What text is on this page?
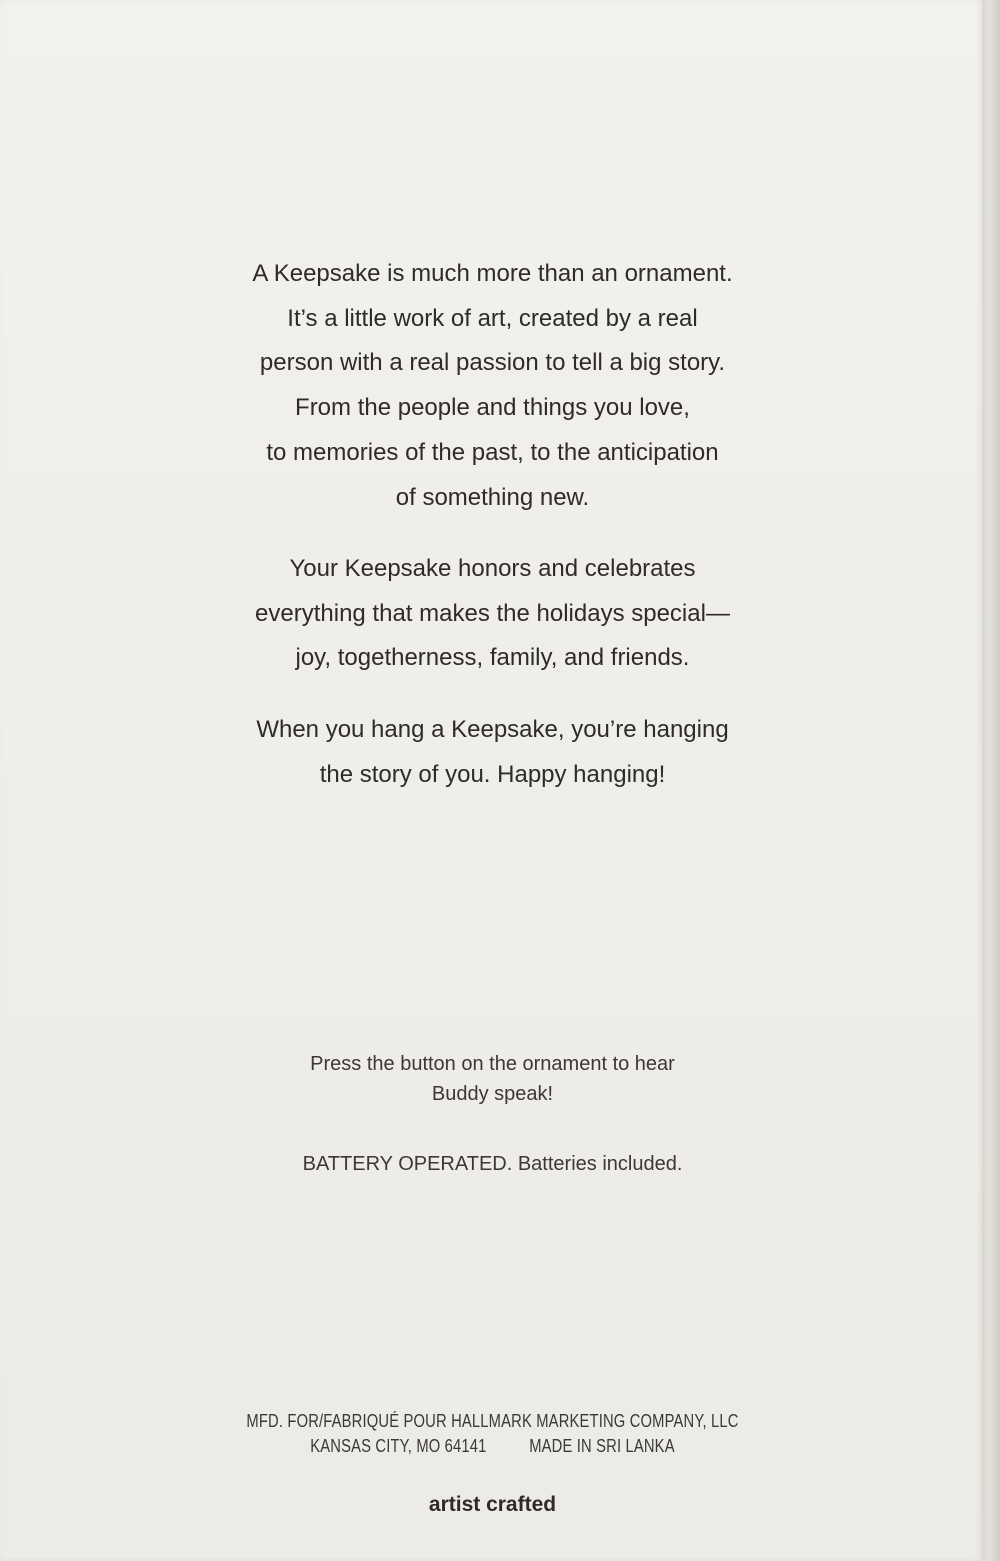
A Keepsake is much more than an ornament.
It’s a little work of art, created by a real
person with a real passion to tell a big story.
From the people and things you love,
to memories of the past, to the anticipation
of something new.

Your Keepsake honors and celebrates
everything that makes the holidays special—
joy, togetherness, family, and friends.

When you hang a Keepsake, you’re hanging
the story of you. Happy hanging!

Press the button on the ornament to hear
Buddy speak!

BATTERY OPERATED. Batteries included.

MFD. FOR/FABRIQUÉ POUR HALLMARK MARKETING COMPANY, LLC
KANSAS CITY, MO 64141 MADE IN SRI LANKA
artist crafted
